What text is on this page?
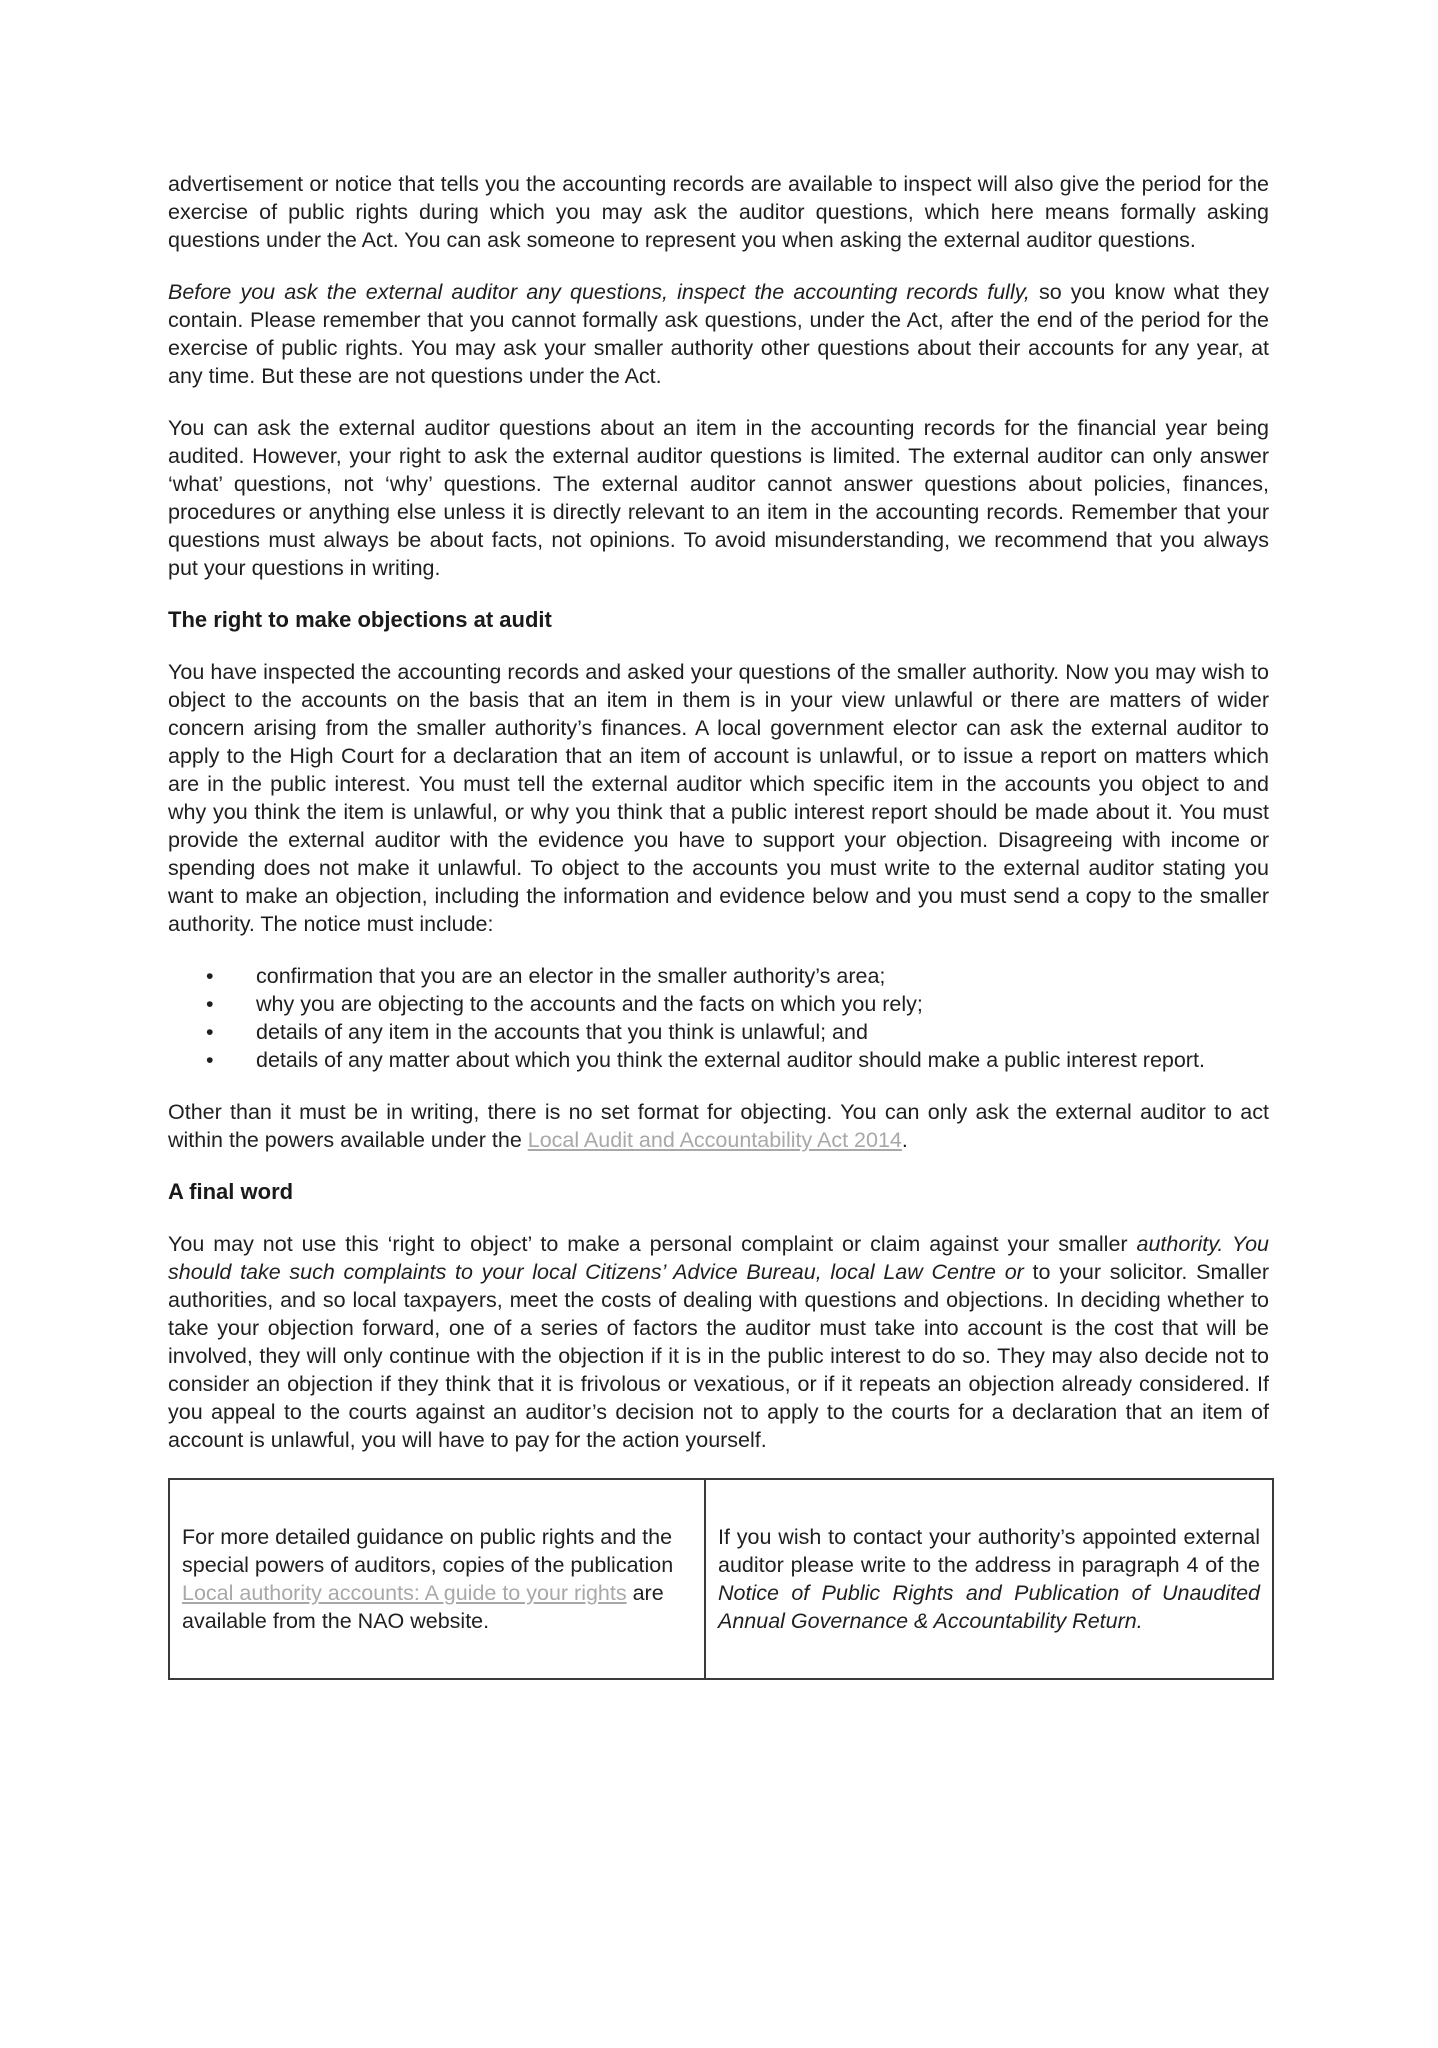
advertisement or notice that tells you the accounting records are available to inspect will also give the period for the exercise of public rights during which you may ask the auditor questions, which here means formally asking questions under the Act. You can ask someone to represent you when asking the external auditor questions.

Before you ask the external auditor any questions, inspect the accounting records fully, so you know what they contain. Please remember that you cannot formally ask questions, under the Act, after the end of the period for the exercise of public rights. You may ask your smaller authority other questions about their accounts for any year, at any time. But these are not questions under the Act.

You can ask the external auditor questions about an item in the accounting records for the financial year being audited. However, your right to ask the external auditor questions is limited. The external auditor can only answer ‘what’ questions, not ‘why’ questions. The external auditor cannot answer questions about policies, finances, procedures or anything else unless it is directly relevant to an item in the accounting records. Remember that your questions must always be about facts, not opinions. To avoid misunderstanding, we recommend that you always put your questions in writing.

The right to make objections at audit

You have inspected the accounting records and asked your questions of the smaller authority. Now you may wish to object to the accounts on the basis that an item in them is in your view unlawful or there are matters of wider concern arising from the smaller authority’s finances. A local government elector can ask the external auditor to apply to the High Court for a declaration that an item of account is unlawful, or to issue a report on matters which are in the public interest. You must tell the external auditor which specific item in the accounts you object to and why you think the item is unlawful, or why you think that a public interest report should be made about it. You must provide the external auditor with the evidence you have to support your objection. Disagreeing with income or spending does not make it unlawful. To object to the accounts you must write to the external auditor stating you want to make an objection, including the information and evidence below and you must send a copy to the smaller authority. The notice must include:

• confirmation that you are an elector in the smaller authority’s area;
• why you are objecting to the accounts and the facts on which you rely;
• details of any item in the accounts that you think is unlawful; and
• details of any matter about which you think the external auditor should make a public interest report.

Other than it must be in writing, there is no set format for objecting. You can only ask the external auditor to act within the powers available under the Local Audit and Accountability Act 2014.

A final word

You may not use this ‘right to object’ to make a personal complaint or claim against your smaller authority. You should take such complaints to your local Citizens’ Advice Bureau, local Law Centre or to your solicitor. Smaller authorities, and so local taxpayers, meet the costs of dealing with questions and objections. In deciding whether to take your objection forward, one of a series of factors the auditor must take into account is the cost that will be involved, they will only continue with the objection if it is in the public interest to do so. They may also decide not to consider an objection if they think that it is frivolous or vexatious, or if it repeats an objection already considered. If you appeal to the courts against an auditor’s decision not to apply to the courts for a declaration that an item of account is unlawful, you will have to pay for the action yourself.

For more detailed guidance on public rights and the special powers of auditors, copies of the publication Local authority accounts: A guide to your rights are available from the NAO website.	If you wish to contact your authority’s appointed external auditor please write to the address in paragraph 4 of the Notice of Public Rights and Publication of Unaudited Annual Governance & Accountability Return.
